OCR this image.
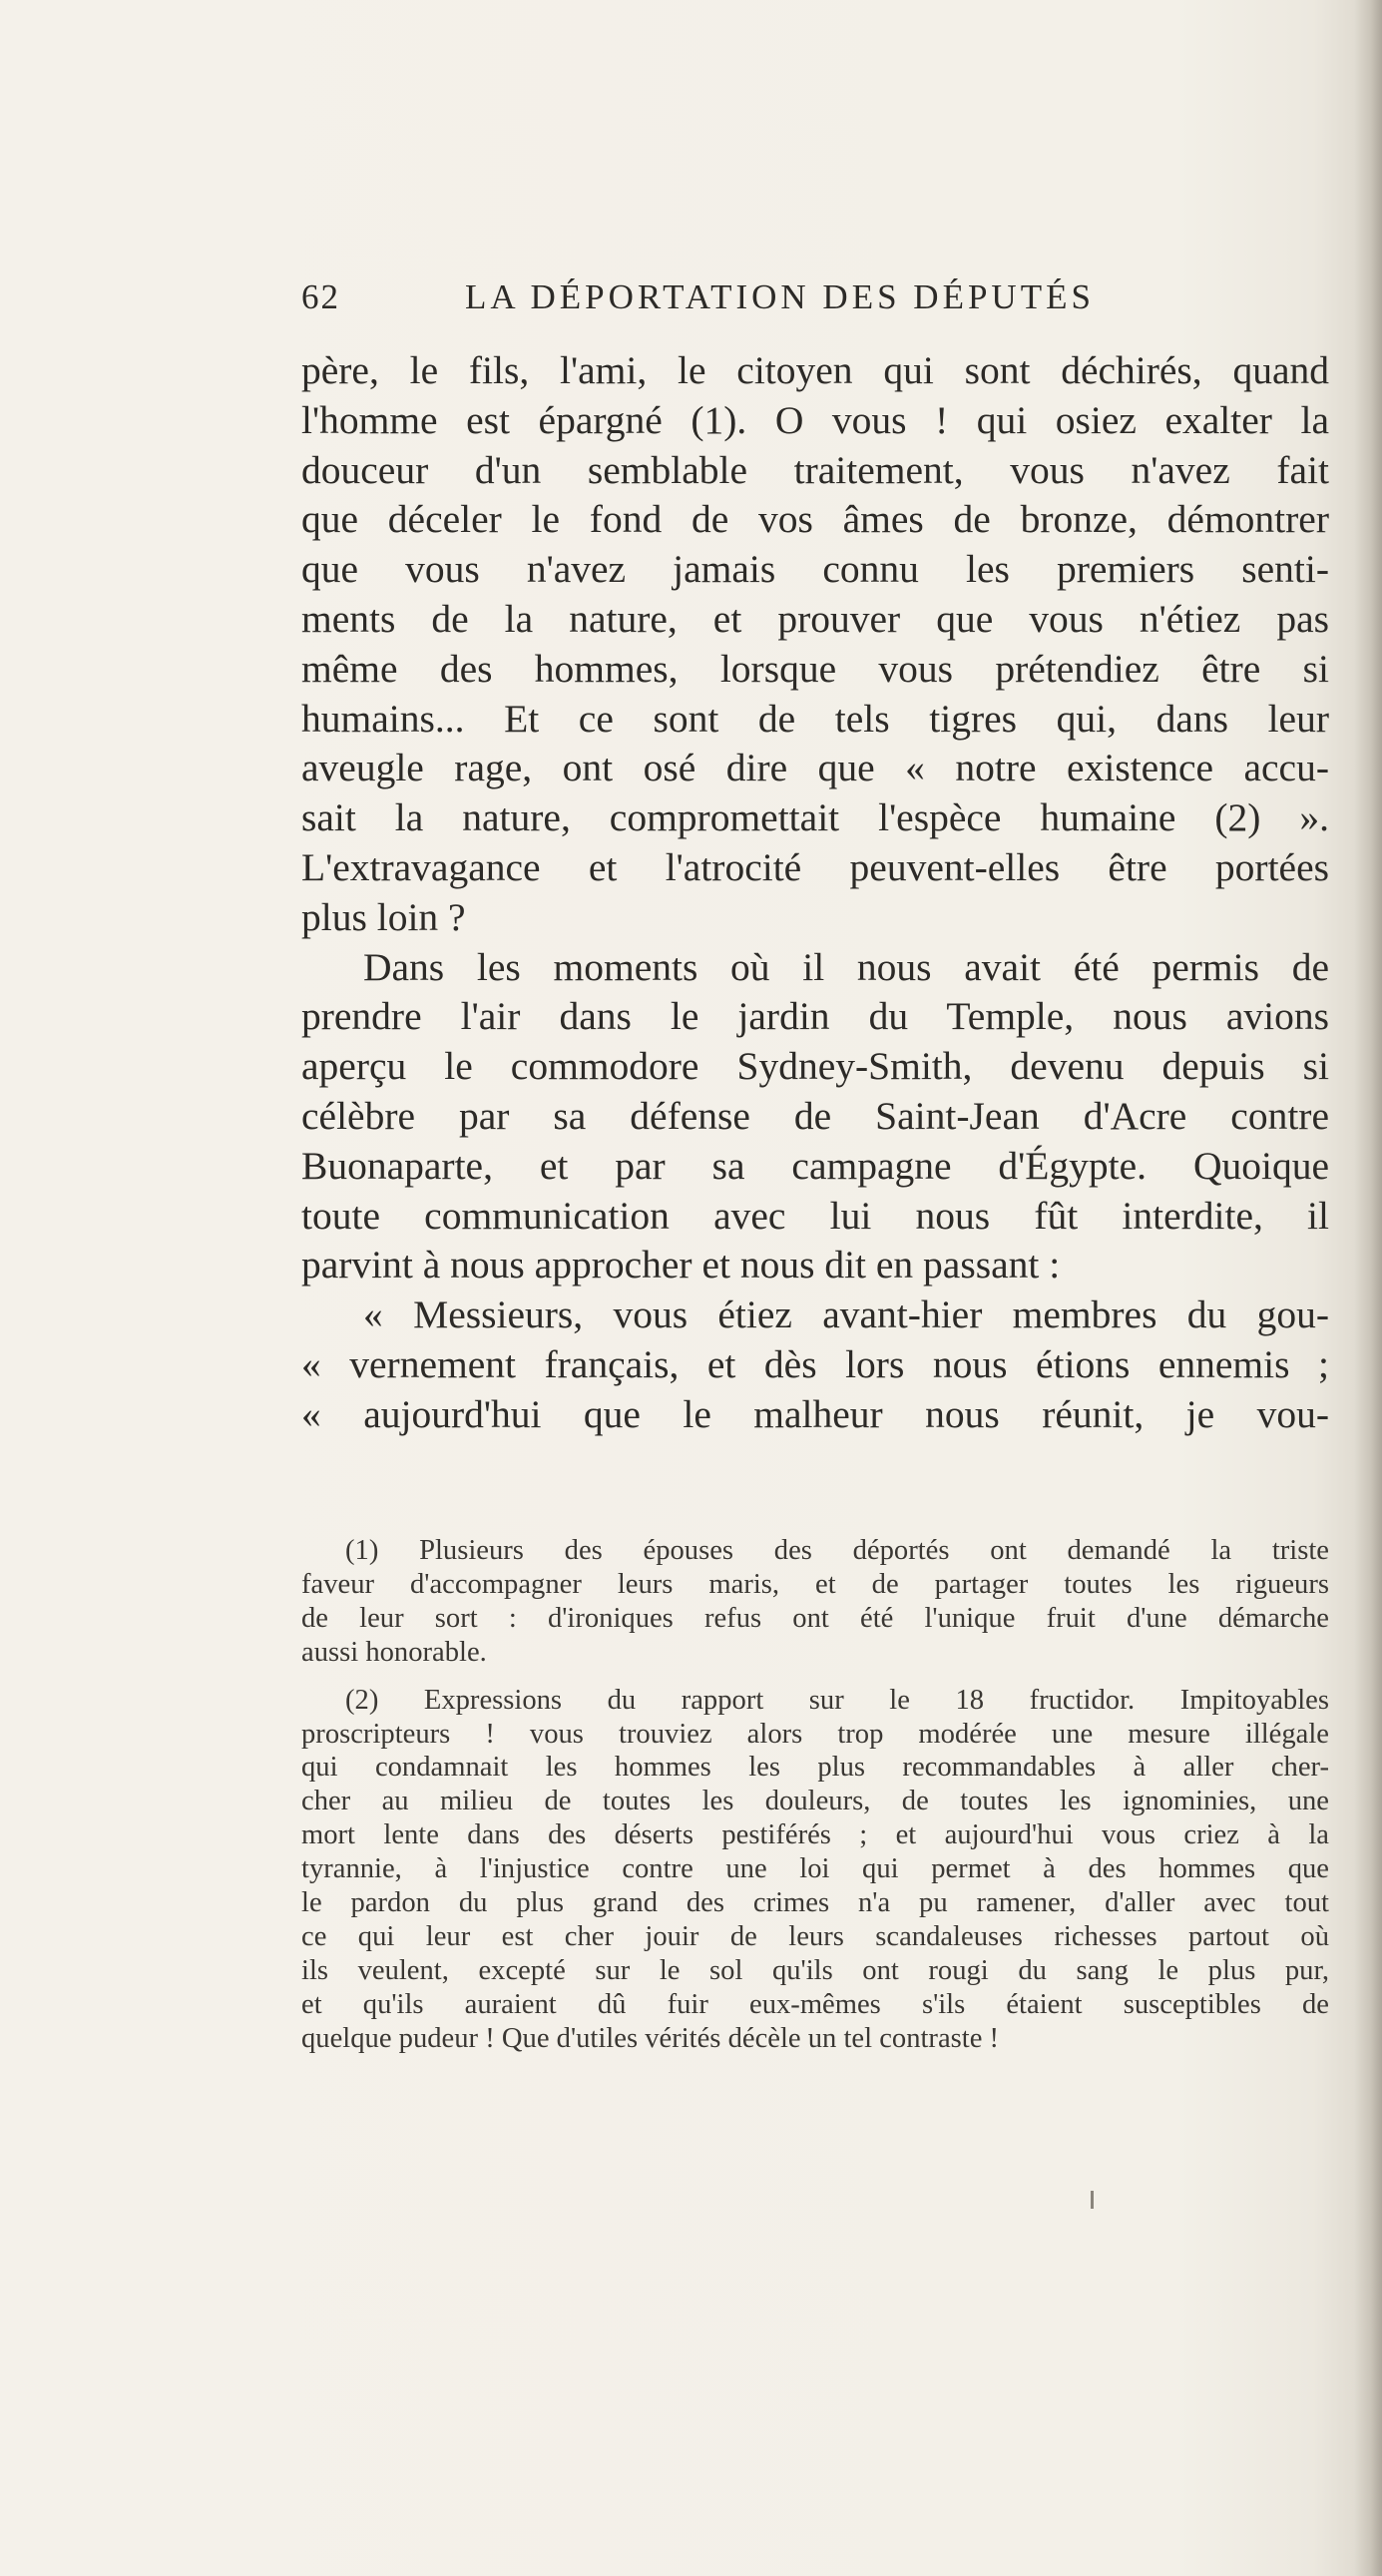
62	LA DÉPORTATION DES DÉPUTÉS
père, le fils, l'ami, le citoyen qui sont déchirés, quand
l'homme est épargné (1). O vous ! qui osiez exalter la
douceur d'un semblable traitement, vous n'avez fait
que déceler le fond de vos âmes de bronze, démontrer
que vous n'avez jamais connu les premiers senti-
ments de la nature, et prouver que vous n'étiez pas
même des hommes, lorsque vous prétendiez être si
humains... Et ce sont de tels tigres qui, dans leur
aveugle rage, ont osé dire que « notre existence accu-
sait la nature, compromettait l'espèce humaine (2) ».
L'extravagance et l'atrocité peuvent-elles être portées
plus loin ?
Dans les moments où il nous avait été permis de
prendre l'air dans le jardin du Temple, nous avions
aperçu le commodore Sydney-Smith, devenu depuis si
célèbre par sa défense de Saint-Jean d'Acre contre
Buonaparte, et par sa campagne d'Égypte. Quoique
toute communication avec lui nous fût interdite, il
parvint à nous approcher et nous dit en passant :
« Messieurs, vous étiez avant-hier membres du gou-
« vernement français, et dès lors nous étions ennemis ;
« aujourd'hui que le malheur nous réunit, je vou-
(1) Plusieurs des épouses des déportés ont demandé la triste
faveur d'accompagner leurs maris, et de partager toutes les rigueurs
de leur sort : d'ironiques refus ont été l'unique fruit d'une démarche
aussi honorable.
(2) Expressions du rapport sur le 18 fructidor. Impitoyables
proscripteurs ! vous trouviez alors trop modérée une mesure illégale
qui condamnait les hommes les plus recommandables à aller cher-
cher au milieu de toutes les douleurs, de toutes les ignominies, une
mort lente dans des déserts pestiférés ; et aujourd'hui vous criez à la
tyrannie, à l'injustice contre une loi qui permet à des hommes que
le pardon du plus grand des crimes n'a pu ramener, d'aller avec tout
ce qui leur est cher jouir de leurs scandaleuses richesses partout où
ils veulent, excepté sur le sol qu'ils ont rougi du sang le plus pur,
et qu'ils auraient dû fuir eux-mêmes s'ils étaient susceptibles de
quelque pudeur ! Que d'utiles vérités décèle un tel contraste !
